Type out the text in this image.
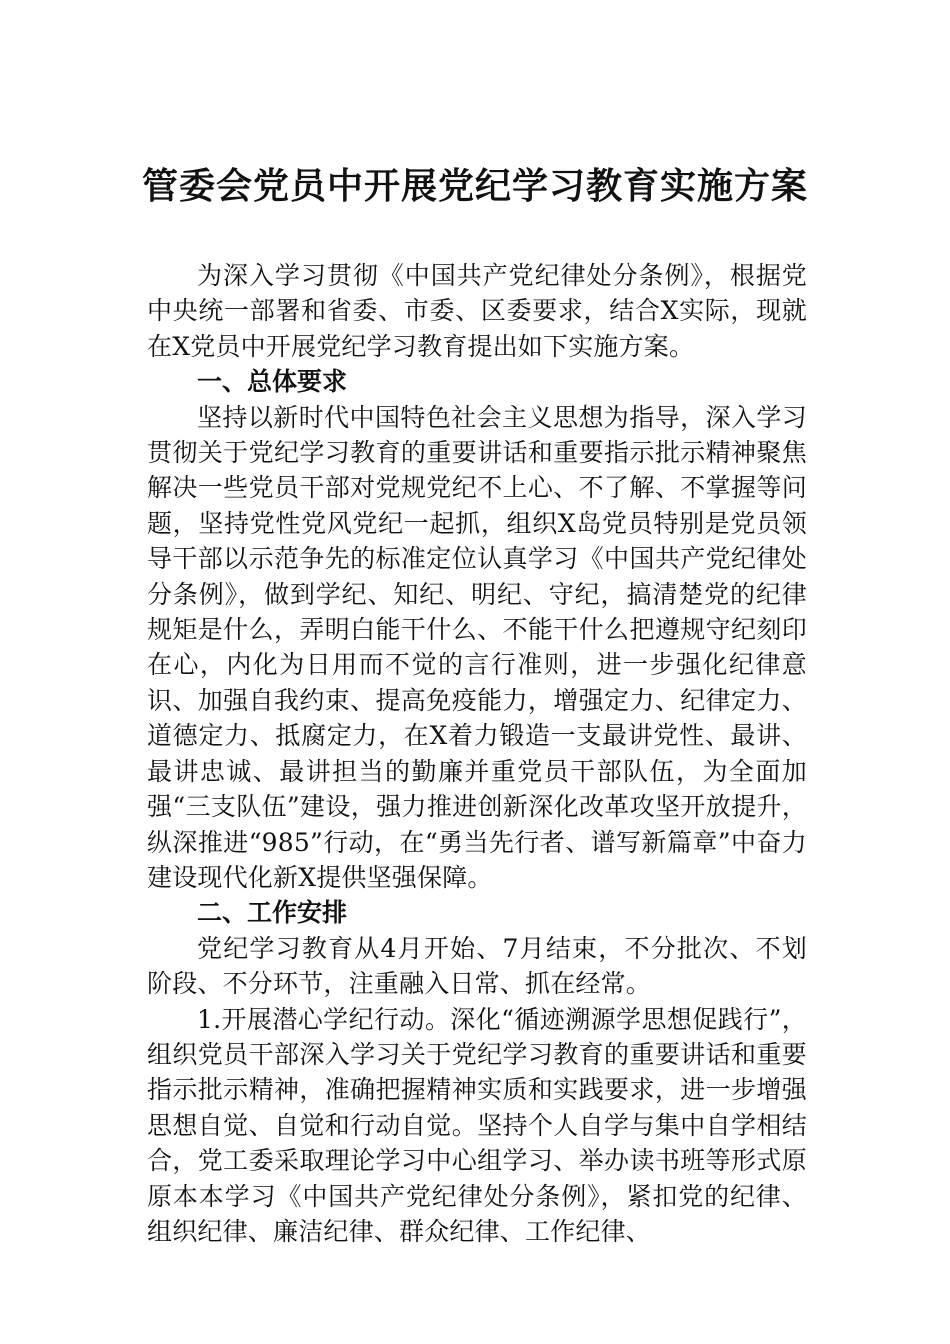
管委会党员中开展党纪学习教育实施方案

为深入学习贯彻《中国共产党纪律处分条例》，根据党中央统一部署和省委、市委、区委要求，结合X实际，现就在X党员中开展党纪学习教育提出如下实施方案。

一、总体要求

坚持以新时代中国特色社会主义思想为指导，深入学习贯彻关于党纪学习教育的重要讲话和重要指示批示精神聚焦解决一些党员干部对党规党纪不上心、不了解、不掌握等问题，坚持党性党风党纪一起抓，组织X岛党员特别是党员领导干部以示范争先的标准定位认真学习《中国共产党纪律处分条例》，做到学纪、知纪、明纪、守纪，搞清楚党的纪律规矩是什么，弄明白能干什么、不能干什么把遵规守纪刻印在心，内化为日用而不觉的言行准则，进一步强化纪律意识、加强自我约束、提高免疫能力，增强定力、纪律定力、道德定力、抵腐定力，在X着力锻造一支最讲党性、最讲、最讲忠诚、最讲担当的勤廉并重党员干部队伍，为全面加强“三支队伍”建设，强力推进创新深化改革攻坚开放提升，纵深推进“985”行动，在“勇当先行者、谱写新篇章”中奋力建设现代化新X提供坚强保障。

二、工作安排

党纪学习教育从4月开始、7月结束，不分批次、不划阶段、不分环节，注重融入日常、抓在经常。

1.开展潜心学纪行动。深化“循迹溯源学思想促践行”，组织党员干部深入学习关于党纪学习教育的重要讲话和重要指示批示精神，准确把握精神实质和实践要求，进一步增强思想自觉、自觉和行动自觉。坚持个人自学与集中自学相结合，党工委采取理论学习中心组学习、举办读书班等形式原原本本学习《中国共产党纪律处分条例》，紧扣党的纪律、组织纪律、廉洁纪律、群众纪律、工作纪律、
